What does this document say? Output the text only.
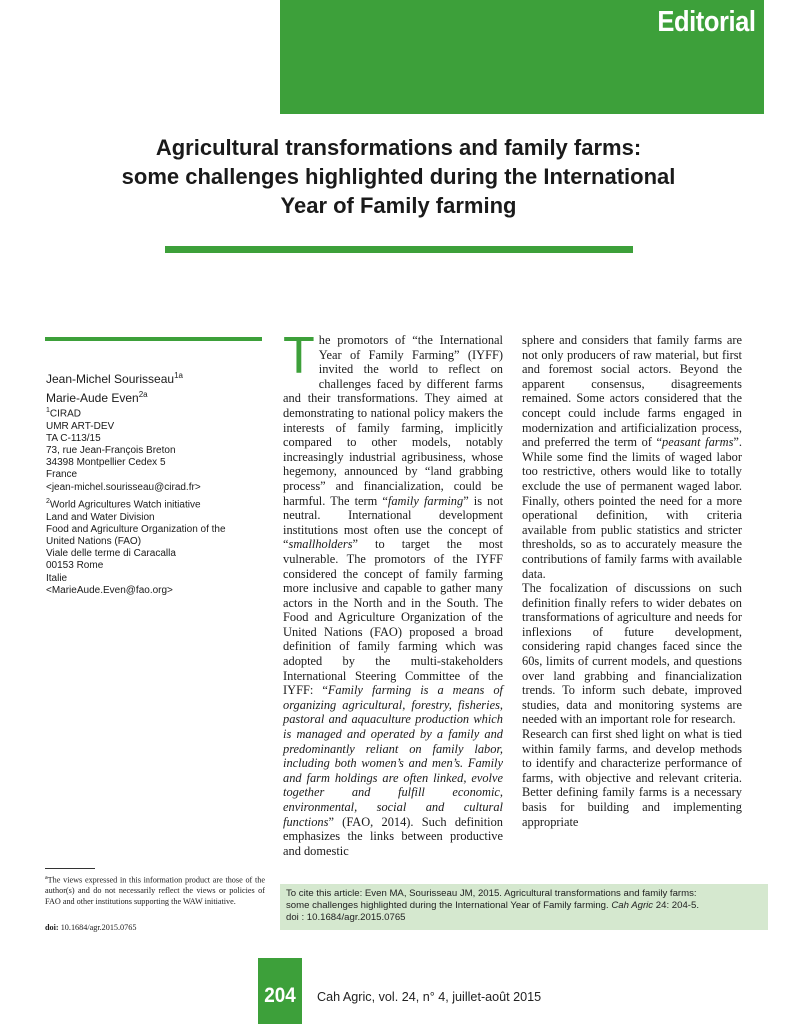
Editorial
Agricultural transformations and family farms:
some challenges highlighted during the International
Year of Family farming
Jean-Michel Sourisseau$^{1a}$
Marie-Aude Even$^{2a}$
$^1$CIRAD
UMR ART-DEV
TA C-113/15
73, rue Jean-François Breton
34398 Montpellier Cedex 5
France
<jean-michel.sourisseau@cirad.fr>
$^2$World Agricultures Watch initiative
Land and Water Division
Food and Agriculture Organization of the
United Nations (FAO)
Viale delle terme di Caracalla
00153 Rome
Italie
<MarieAude.Even@fao.org>

The promotors of “the International Year of Family Farming” (IYFF) invited the world to reflect on challenges faced by different farms and their transformations. They aimed at demonstrating to national policy makers the interests of family farming, implicitly compared to other models, notably increasingly industrial agribusiness, whose hegemony, announced by “land grabbing process” and financialization, could be harmful. The term “family farming” is not neutral. International development institutions most often use the concept of “smallholders” to target the most vulnerable. The promotors of the IYFF considered the concept of family farming more inclusive and capable to gather many actors in the North and in the South. The Food and Agriculture Organization of the United Nations (FAO) proposed a broad definition of family farming which was adopted by the multi-stakeholders International Steering Committee of the IYFF: “Family farming is a means of organizing agricultural, forestry, fisheries, pastoral and aquaculture production which is managed and operated by a family and predominantly reliant on family labor, including both women’s and men’s. Family and farm holdings are often linked, evolve together and fulfill economic, environmental, social and cultural functions” (FAO, 2014). Such definition emphasizes the links between productive and domestic

sphere and considers that family farms are not only producers of raw material, but first and foremost social actors. Beyond the apparent consensus, disagreements remained. Some actors considered that the concept could include farms engaged in modernization and artificialization process, and preferred the term of “peasant farms”. While some find the limits of waged labor too restrictive, others would like to totally exclude the use of permanent waged labor. Finally, others pointed the need for a more operational definition, with criteria available from public statistics and stricter thresholds, so as to accurately measure the contributions of family farms with available data.

The focalization of discussions on such definition finally refers to wider debates on transformations of agriculture and needs for inflexions of future development, considering rapid changes faced since the 60s, limits of current models, and questions over land grabbing and financialization trends. To inform such debate, improved studies, data and monitoring systems are needed with an important role for research.

Research can first shed light on what is tied within family farms, and develop methods to identify and characterize performance of farms, with objective and relevant criteria. Better defining family farms is a necessary basis for building and implementing appropriate

$^a$The views expressed in this information product are those of the author(s) and do not necessarily reflect the views or policies of FAO and other institutions supporting the WAW initiative.
doi: 10.1684/agr.2015.0765
To cite this article: Even MA, Sourisseau JM, 2015. Agricultural transformations and family farms:
some challenges highlighted during the International Year of Family farming. Cah Agric 24: 204-5.
doi : 10.1684/agr.2015.0765
204	Cah Agric, vol. 24, n° 4, juillet-août 2015
